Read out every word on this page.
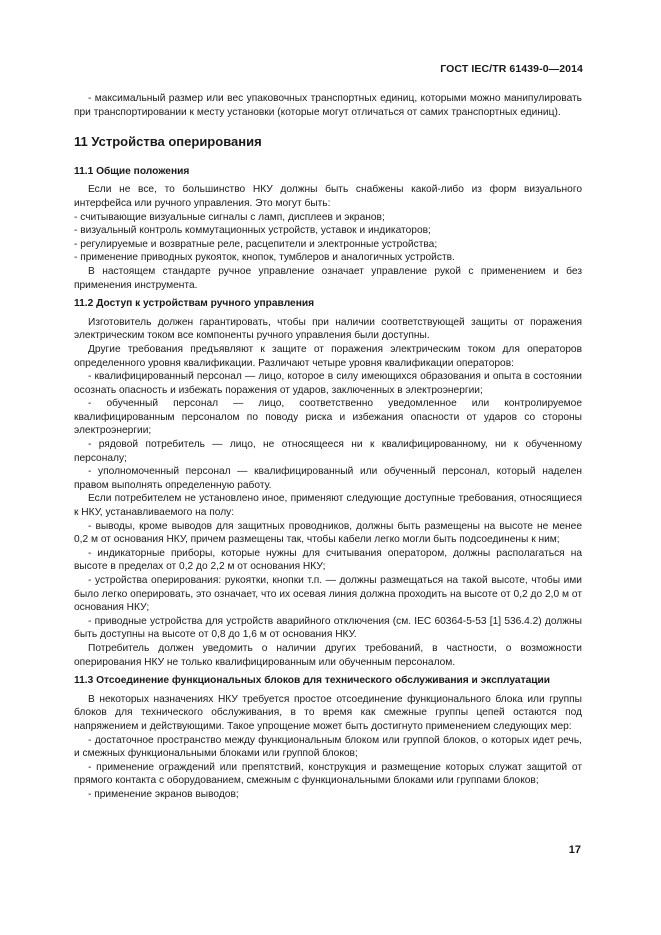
ГОСТ IEC/TR 61439-0—2014

- максимальный размер или вес упаковочных транспортных единиц, которыми можно манипулировать при транспортировании к месту установки (которые могут отличаться от самих транспортных единиц).

11 Устройства оперирования

11.1 Общие положения

Если не все, то большинство НКУ должны быть снабжены какой-либо из форм визуального интерфейса или ручного управления. Это могут быть:

- считывающие визуальные сигналы с ламп, дисплеев и экранов;

- визуальный контроль коммутационных устройств, уставок и индикаторов;

- регулируемые и возвратные реле, расцепители и электронные устройства;

- применение приводных рукояток, кнопок, тумблеров и аналогичных устройств.

В настоящем стандарте ручное управление означает управление рукой с применением и без применения инструмента.

11.2 Доступ к устройствам ручного управления

Изготовитель должен гарантировать, чтобы при наличии соответствующей защиты от поражения электрическим током все компоненты ручного управления были доступны.

Другие требования предъявляют к защите от поражения электрическим током для операторов определенного уровня квалификации. Различают четыре уровня квалификации операторов:

- квалифицированный персонал — лицо, которое в силу имеющихся образования и опыта в состоянии осознать опасность и избежать поражения от ударов, заключенных в электроэнергии;

- обученный персонал — лицо, соответственно уведомленное или контролируемое квалифицированным персоналом по поводу риска и избежания опасности от ударов со стороны электроэнергии;

- рядовой потребитель — лицо, не относящееся ни к квалифицированному, ни к обученному персоналу;

- уполномоченный персонал — квалифицированный или обученный персонал, который наделен правом выполнять определенную работу.

Если потребителем не установлено иное, применяют следующие доступные требования, относящиеся к НКУ, устанавливаемого на полу:

- выводы, кроме выводов для защитных проводников, должны быть размещены на высоте не менее 0,2 м от основания НКУ, причем размещены так, чтобы кабели легко могли быть подсоединены к ним;

- индикаторные приборы, которые нужны для считывания оператором, должны располагаться на высоте в пределах от 0,2 до 2,2 м от основания НКУ;

- устройства оперирования: рукоятки, кнопки т.п. — должны размещаться на такой высоте, чтобы ими было легко оперировать, это означает, что их осевая линия должна проходить на высоте от 0,2 до 2,0 м от основания НКУ;

- приводные устройства для устройств аварийного отключения (см. IEC 60364-5-53 [1] 536.4.2) должны быть доступны на высоте от 0,8 до 1,6 м от основания НКУ.

Потребитель должен уведомить о наличии других требований, в частности, о возможности оперирования НКУ не только квалифицированным или обученным персоналом.

11.3 Отсоединение функциональных блоков для технического обслуживания и эксплуатации

В некоторых назначениях НКУ требуется простое отсоединение функционального блока или группы блоков для технического обслуживания, в то время как смежные группы цепей остаются под напряжением и действующими. Такое упрощение может быть достигнуто применением следующих мер:

- достаточное пространство между функциональным блоком или группой блоков, о которых идет речь, и смежных функциональными блоками или группой блоков;

- применение ограждений или препятствий, конструкция и размещение которых служат защитой от прямого контакта с оборудованием, смежным с функциональными блоками или группами блоков;

- применение экранов выводов;

17
